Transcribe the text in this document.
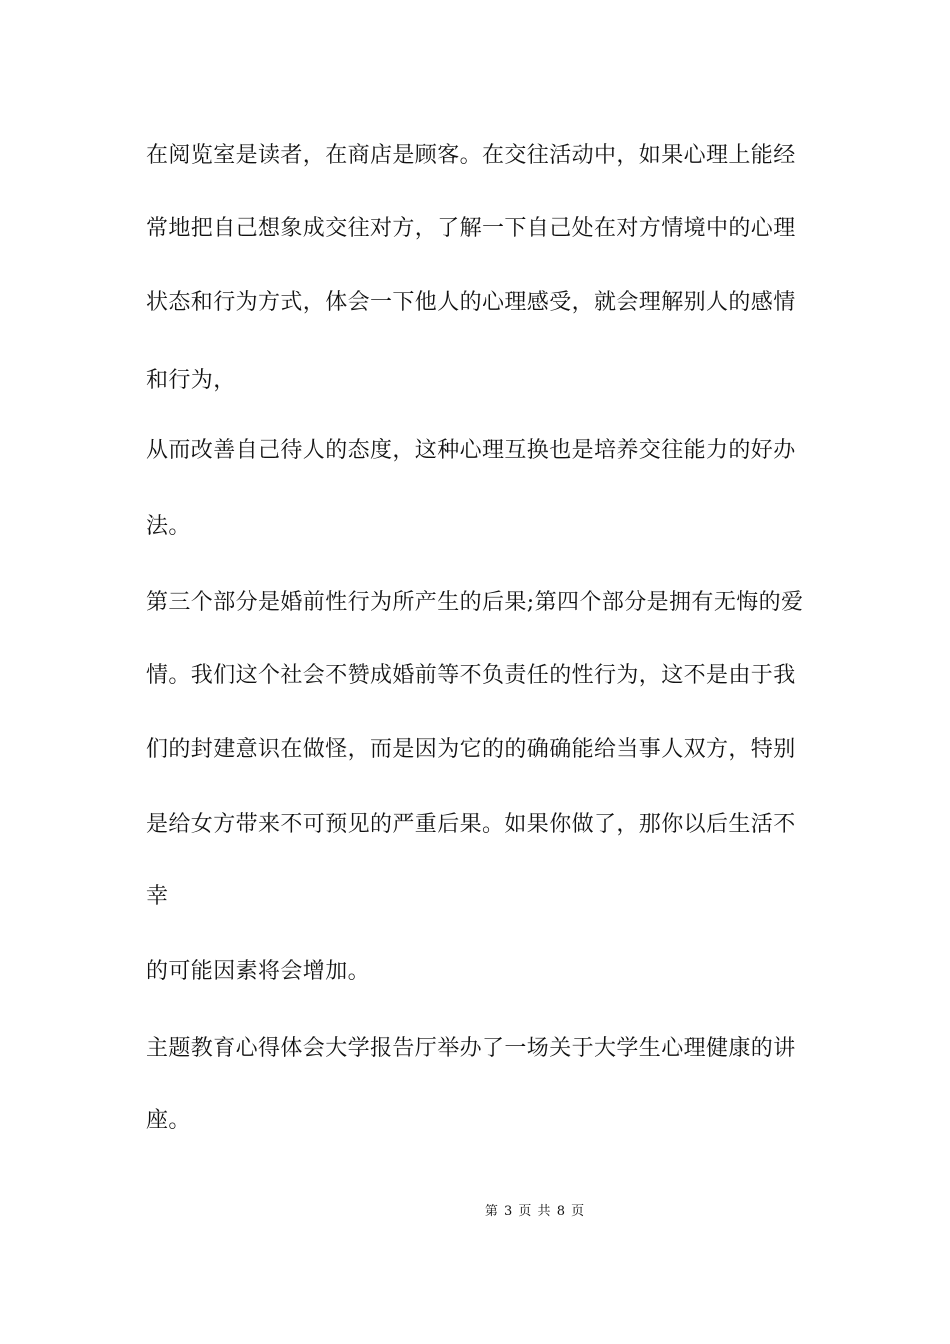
在阅览室是读者，在商店是顾客。在交往活动中，如果心理上能经
常地把自己想象成交往对方，了解一下自己处在对方情境中的心理
状态和行为方式，体会一下他人的心理感受，就会理解别人的感情
和行为，
从而改善自己待人的态度，这种心理互换也是培养交往能力的好办
法。
第三个部分是婚前性行为所产生的后果;第四个部分是拥有无悔的爱
情。我们这个社会不赞成婚前等不负责任的性行为，这不是由于我
们的封建意识在做怪，而是因为它的的确确能给当事人双方，特别
是给女方带来不可预见的严重后果。如果你做了，那你以后生活不
幸
的可能因素将会增加。
主题教育心得体会大学报告厅举办了一场关于大学生心理健康的讲
座。
第 3 页 共 8 页
